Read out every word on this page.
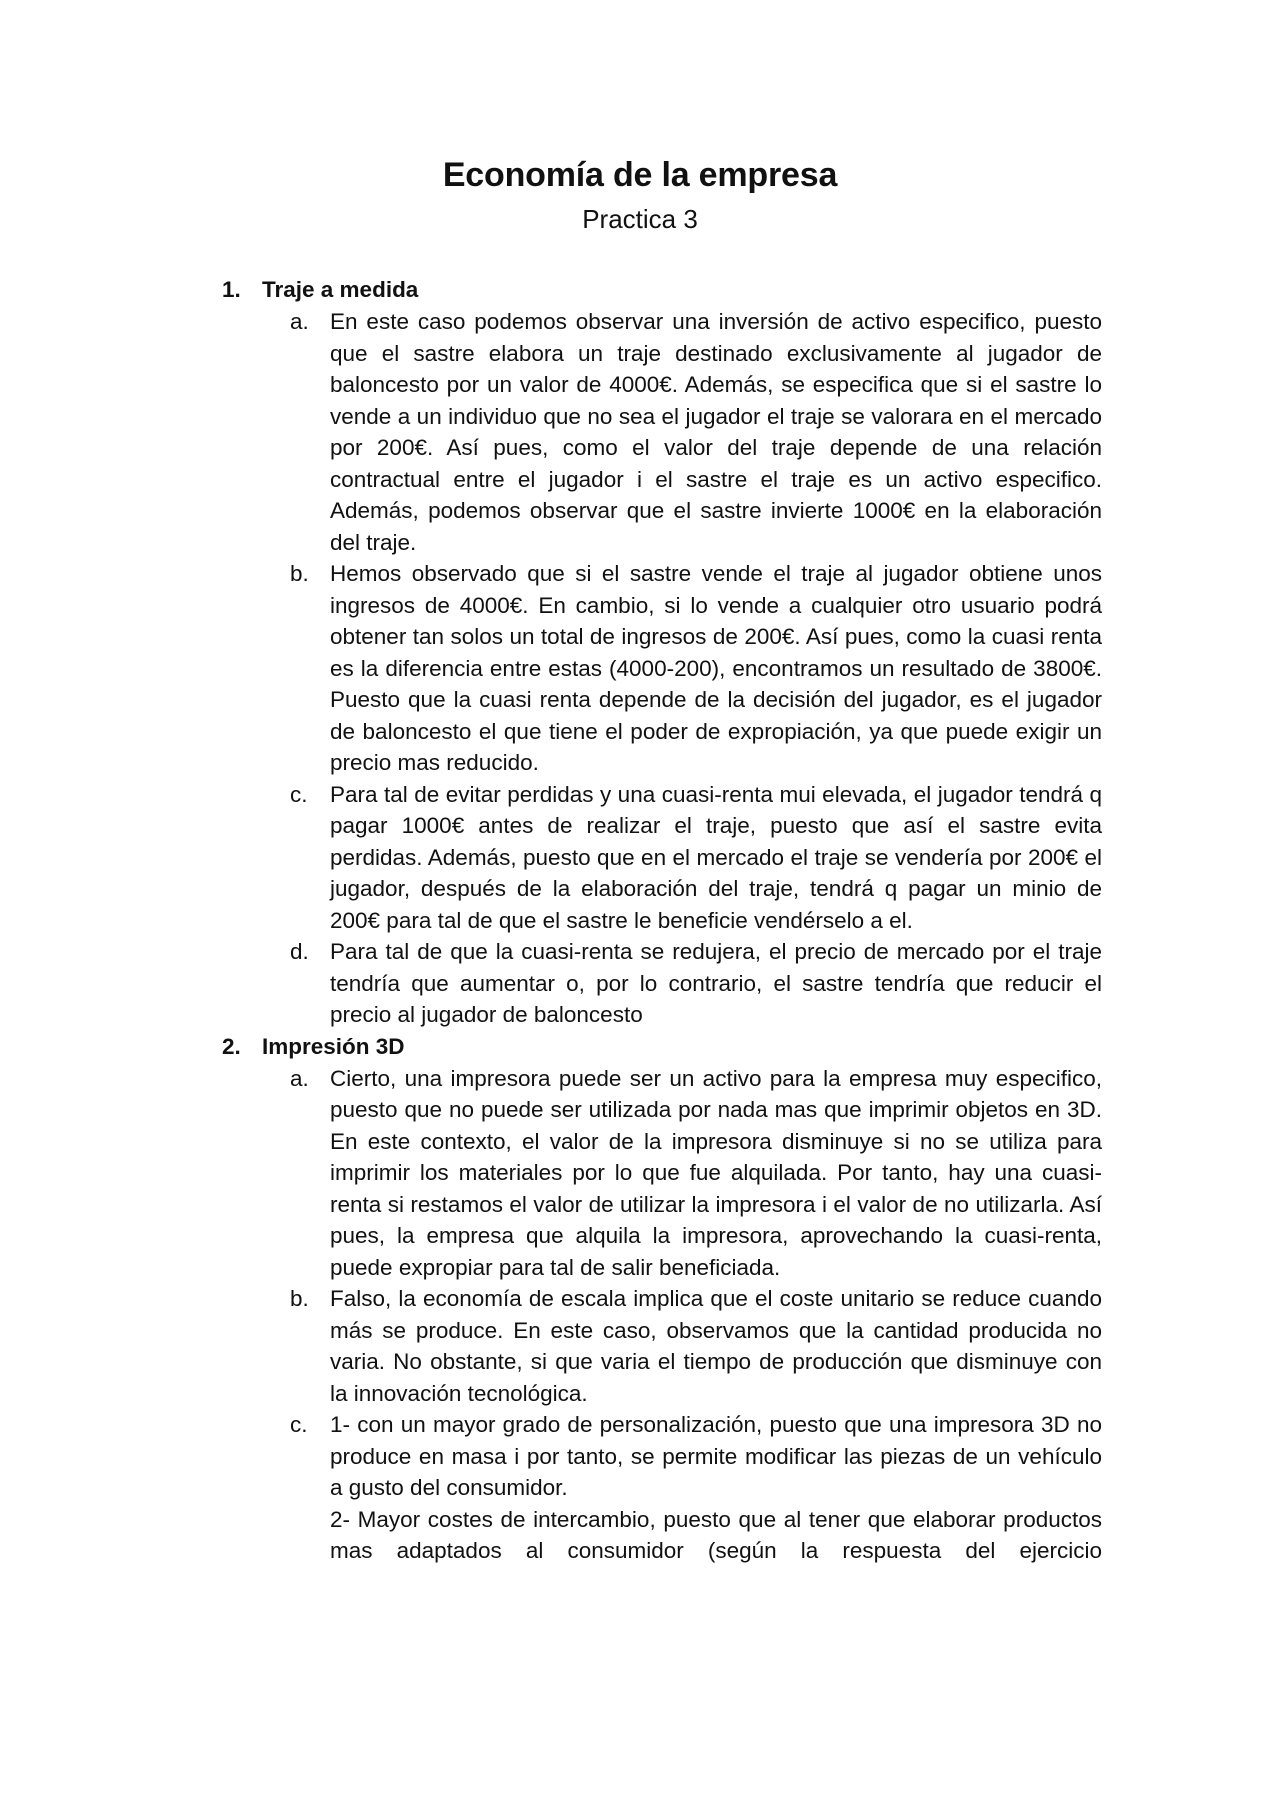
Economía de la empresa
Practica 3
1. Traje a medida
a. En este caso podemos observar una inversión de activo especifico, puesto que el sastre elabora un traje destinado exclusivamente al jugador de baloncesto por un valor de 4000€. Además, se especifica que si el sastre lo vende a un individuo que no sea el jugador el traje se valorara en el mercado por 200€. Así pues, como el valor del traje depende de una relación contractual entre el jugador i el sastre el traje es un activo especifico. Además, podemos observar que el sastre invierte 1000€ en la elaboración del traje.

b. Hemos observado que si el sastre vende el traje al jugador obtiene unos ingresos de 4000€. En cambio, si lo vende a cualquier otro usuario podrá obtener tan solos un total de ingresos de 200€. Así pues, como la cuasi renta es la diferencia entre estas (4000-200), encontramos un resultado de 3800€. Puesto que la cuasi renta depende de la decisión del jugador, es el jugador de baloncesto el que tiene el poder de expropiación, ya que puede exigir un precio mas reducido.

c. Para tal de evitar perdidas y una cuasi-renta mui elevada, el jugador tendrá q pagar 1000€ antes de realizar el traje, puesto que así el sastre evita perdidas. Además, puesto que en el mercado el traje se vendería por 200€ el jugador, después de la elaboración del traje, tendrá q pagar un minio de 200€ para tal de que el sastre le beneficie vendérselo a el.

d. Para tal de que la cuasi-renta se redujera, el precio de mercado por el traje tendría que aumentar o, por lo contrario, el sastre tendría que reducir el precio al jugador de baloncesto

2. Impresión 3D
a. Cierto, una impresora puede ser un activo para la empresa muy especifico, puesto que no puede ser utilizada por nada mas que imprimir objetos en 3D. En este contexto, el valor de la impresora disminuye si no se utiliza para imprimir los materiales por lo que fue alquilada. Por tanto, hay una cuasi-renta si restamos el valor de utilizar la impresora i el valor de no utilizarla. Así pues, la empresa que alquila la impresora, aprovechando la cuasi-renta, puede expropiar para tal de salir beneficiada.

b. Falso, la economía de escala implica que el coste unitario se reduce cuando más se produce. En este caso, observamos que la cantidad producida no varia. No obstante, si que varia el tiempo de producción que disminuye con la innovación tecnológica.

c. 1- con un mayor grado de personalización, puesto que una impresora 3D no produce en masa i por tanto, se permite modificar las piezas de un vehículo a gusto del consumidor.

2- Mayor costes de intercambio, puesto que al tener que elaborar productos mas adaptados al consumidor (según la respuesta del ejercicio
